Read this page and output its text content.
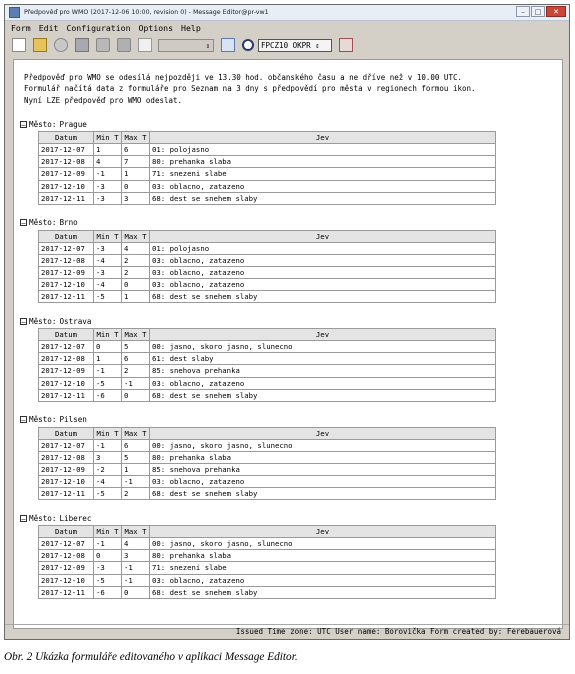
Předpověď pro WMO (2017-12-06 10:00, revision 0) - Message Editor@pr-vw1	–	□	✕
Form Edit Configuration Options Help
⇕	FPCZ10 OKPR ⇕
Předpověď pro WMO se odesílá nejpozději ve 13.30 hod. občanského času a ne dříve než v 10.00 UTC.
Formulář načítá data z formuláře pro Seznam na 3 dny s předpovědí pro města v regionech formou ikon.
Nyní LZE předpověď pro WMO odeslat.
– Město: Prague
Datum	Min T	Max T	Jev
2017-12-07	1	6	01: polojasno
2017-12-08	4	7	80: prehanka slaba
2017-12-09	-1	1	71: snezeni slabe
2017-12-10	-3	0	03: oblacno, zatazeno
2017-12-11	-3	3	68: dest se snehem slaby
– Město: Brno
Datum	Min T	Max T	Jev
2017-12-07	-3	4	01: polojasno
2017-12-08	-4	2	03: oblacno, zatazeno
2017-12-09	-3	2	03: oblacno, zatazeno
2017-12-10	-4	0	03: oblacno, zatazeno
2017-12-11	-5	1	68: dest se snehem slaby
– Město: Ostrava
Datum	Min T	Max T	Jev
2017-12-07	0	5	00: jasno, skoro jasno, slunecno
2017-12-08	1	6	61: dest slaby
2017-12-09	-1	2	85: snehova prehanka
2017-12-10	-5	-1	03: oblacno, zatazeno
2017-12-11	-6	0	68: dest se snehem slaby
– Město: Pilsen
Datum	Min T	Max T	Jev
2017-12-07	-1	6	00: jasno, skoro jasno, slunecno
2017-12-08	3	5	80: prehanka slaba
2017-12-09	-2	1	85: snehova prehanka
2017-12-10	-4	-1	03: oblacno, zatazeno
2017-12-11	-5	2	68: dest se snehem slaby
– Město: Liberec
Datum	Min T	Max T	Jev
2017-12-07	-1	4	00: jasno, skoro jasno, slunecno
2017-12-08	0	3	80: prehanka slaba
2017-12-09	-3	-1	71: snezeni slabe
2017-12-10	-5	-1	03: oblacno, zatazeno
2017-12-11	-6	0	68: dest se snehem slaby
Issued Time zone: UTC User name: Borovička Form created by: Ferebauerová
Obr. 2 Ukázka formuláře editovaného v aplikaci Message Editor.
